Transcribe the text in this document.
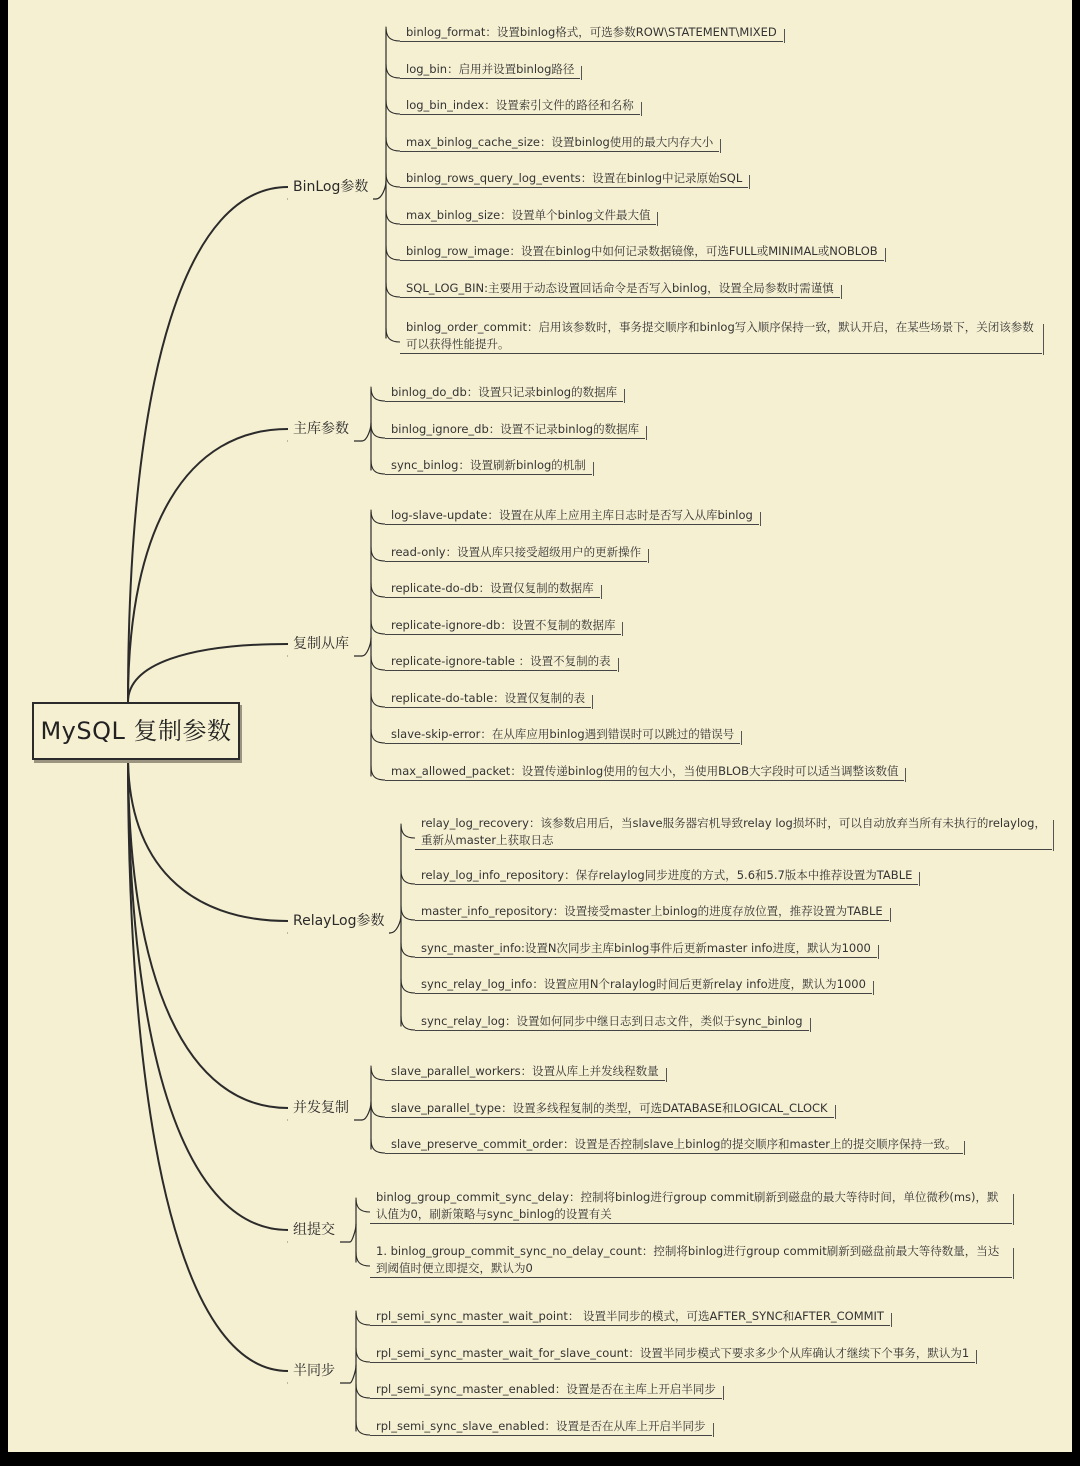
MySQL 复制参数
BinLog参数
binlog_format：设置binlog格式，可选参数ROW\STATEMENT\MIXED
log_bin：启用并设置binlog路径
log_bin_index：设置索引文件的路径和名称
max_binlog_cache_size：设置binlog使用的最大内存大小
binlog_rows_query_log_events：设置在binlog中记录原始SQL
max_binlog_size：设置单个binlog文件最大值
binlog_row_image：设置在binlog中如何记录数据镜像，可选FULL或MINIMAL或NOBLOB
SQL_LOG_BIN:主要用于动态设置回话命令是否写入binlog，设置全局参数时需谨慎
binlog_order_commit：启用该参数时，事务提交顺序和binlog写入顺序保持一致，默认开启，在某些场景下，关闭该参数可以获得性能提升。
主库参数
binlog_do_db：设置只记录binlog的数据库
binlog_ignore_db：设置不记录binlog的数据库
sync_binlog：设置刷新binlog的机制
复制从库
log-slave-update：设置在从库上应用主库日志时是否写入从库binlog
read-only：设置从库只接受超级用户的更新操作
replicate-do-db：设置仅复制的数据库
replicate-ignore-db：设置不复制的数据库
replicate-ignore-table ：设置不复制的表
replicate-do-table：设置仅复制的表
slave-skip-error：在从库应用binlog遇到错误时可以跳过的错误号
max_allowed_packet：设置传递binlog使用的包大小，当使用BLOB大字段时可以适当调整该数值
RelayLog参数
relay_log_recovery：该参数启用后，当slave服务器宕机导致relay log损坏时，可以自动放弃当所有未执行的relaylog，重新从master上获取日志
relay_log_info_repository：保存relaylog同步进度的方式，5.6和5.7版本中推荐设置为TABLE
master_info_repository：设置接受master上binlog的进度存放位置，推荐设置为TABLE
sync_master_info:设置N次同步主库binlog事件后更新master info进度，默认为1000
sync_relay_log_info：设置应用N个ralaylog时间后更新relay info进度，默认为1000
sync_relay_log：设置如何同步中继日志到日志文件，类似于sync_binlog
并发复制
slave_parallel_workers：设置从库上并发线程数量
slave_parallel_type：设置多线程复制的类型，可选DATABASE和LOGICAL_CLOCK
slave_preserve_commit_order：设置是否控制slave上binlog的提交顺序和master上的提交顺序保持一致。
组提交
binlog_group_commit_sync_delay：控制将binlog进行group commit刷新到磁盘的最大等待时间，单位微秒(ms)，默认值为0，刷新策略与sync_binlog的设置有关
1. binlog_group_commit_sync_no_delay_count：控制将binlog进行group commit刷新到磁盘前最大等待数量，当达到阈值时便立即提交，默认为0
半同步
rpl_semi_sync_master_wait_point： 设置半同步的模式，可选AFTER_SYNC和AFTER_COMMIT
rpl_semi_sync_master_wait_for_slave_count：设置半同步模式下要求多少个从库确认才继续下个事务，默认为1
rpl_semi_sync_master_enabled：设置是否在主库上开启半同步
rpl_semi_sync_slave_enabled：设置是否在从库上开启半同步
